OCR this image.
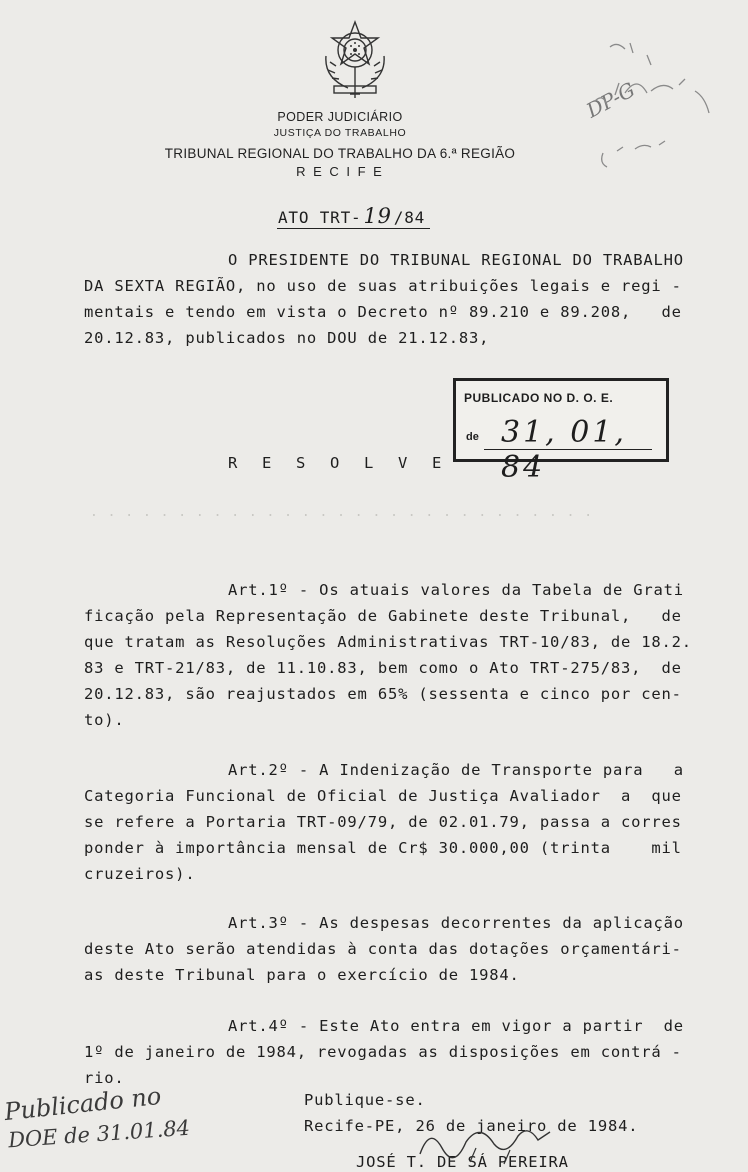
PODER JUDICIÁRIO
JUSTIÇA DO TRABALHO
TRIBUNAL REGIONAL DO TRABALHO DA 6.ª REGIÃO
R E C I F E
DP-G
ATO TRT-19 /84
O PRESIDENTE DO TRIBUNAL REGIONAL DO TRABALHO
DA SEXTA REGIÃO, no uso de suas atribuições legais e regi -
mentais e tendo em vista o Decreto nº 89.210 e 89.208,   de
20.12.83, publicados no DOU de 21.12.83,
. . . . . . . . . . . . . . . . . . . . . . . . . . . . .
PUBLICADO NO D. O. E.
de 31, 01, 84
R  E  S  O  L  V  E
Art.1º - Os atuais valores da Tabela de Grati
ficação pela Representação de Gabinete deste Tribunal,   de
que tratam as Resoluções Administrativas TRT-10/83, de 18.2.
83 e TRT-21/83, de 11.10.83, bem como o Ato TRT-275/83,  de
20.12.83, são reajustados em 65% (sessenta e cinco por cen-
to).
Art.2º - A Indenização de Transporte para   a
Categoria Funcional de Oficial de Justiça Avaliador  a  que
se refere a Portaria TRT-09/79, de 02.01.79, passa a corres
ponder à importância mensal de Cr$ 30.000,00 (trinta    mil
cruzeiros).
Art.3º - As despesas decorrentes da aplicação
deste Ato serão atendidas à conta das dotações orçamentári-
as deste Tribunal para o exercício de 1984.
Art.4º - Este Ato entra em vigor a partir  de
1º de janeiro de 1984, revogadas as disposições em contrá -
rio.
Publique-se.
Recife-PE, 26 de janeiro de 1984.
JOSÉ T. DE SÁ PEREIRA
Publicado no
DOE de 31.01.84
